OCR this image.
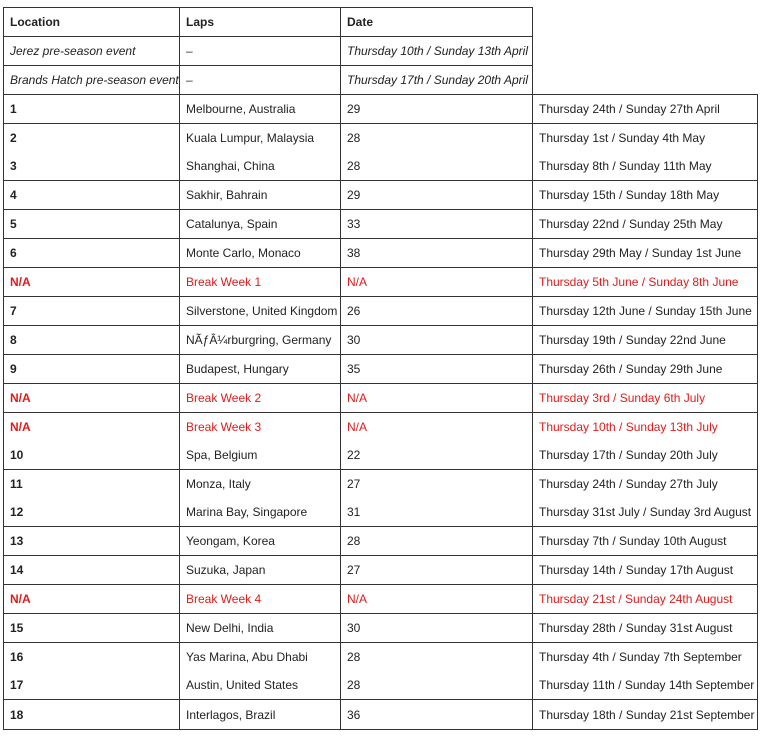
Location	Laps	Date	
Jerez pre-season event	–	Thursday 10th / Sunday 13th April	
Brands Hatch pre-season event	–	Thursday 17th / Sunday 20th April	
1	Melbourne, Australia	29	Thursday 24th / Sunday 27th April
2	Kuala Lumpur, Malaysia	28	Thursday 1st / Sunday 4th May
3	Shanghai, China	28	Thursday 8th / Sunday 11th May
4	Sakhir, Bahrain	29	Thursday 15th / Sunday 18th May
5	Catalunya, Spain	33	Thursday 22nd / Sunday 25th May
6	Monte Carlo, Monaco	38	Thursday 29th May / Sunday 1st June
N/A	Break Week 1	N/A	Thursday 5th June / Sunday 8th June
7	Silverstone, United Kingdom	26	Thursday 12th June / Sunday 15th June
8	NÃƒÂ¼rburgring, Germany	30	Thursday 19th / Sunday 22nd June
9	Budapest, Hungary	35	Thursday 26th / Sunday 29th June
N/A	Break Week 2	N/A	Thursday 3rd / Sunday 6th July
N/A	Break Week 3	N/A	Thursday 10th / Sunday 13th July
10	Spa, Belgium	22	Thursday 17th / Sunday 20th July
11	Monza, Italy	27	Thursday 24th / Sunday 27th July
12	Marina Bay, Singapore	31	Thursday 31st July / Sunday 3rd August
13	Yeongam, Korea	28	Thursday 7th / Sunday 10th August
14	Suzuka, Japan	27	Thursday 14th / Sunday 17th August
N/A	Break Week 4	N/A	Thursday 21st / Sunday 24th August
15	New Delhi, India	30	Thursday 28th / Sunday 31st August
16	Yas Marina, Abu Dhabi	28	Thursday 4th / Sunday 7th September
17	Austin, United States	28	Thursday 11th / Sunday 14th September
18	Interlagos, Brazil	36	Thursday 18th / Sunday 21st September
